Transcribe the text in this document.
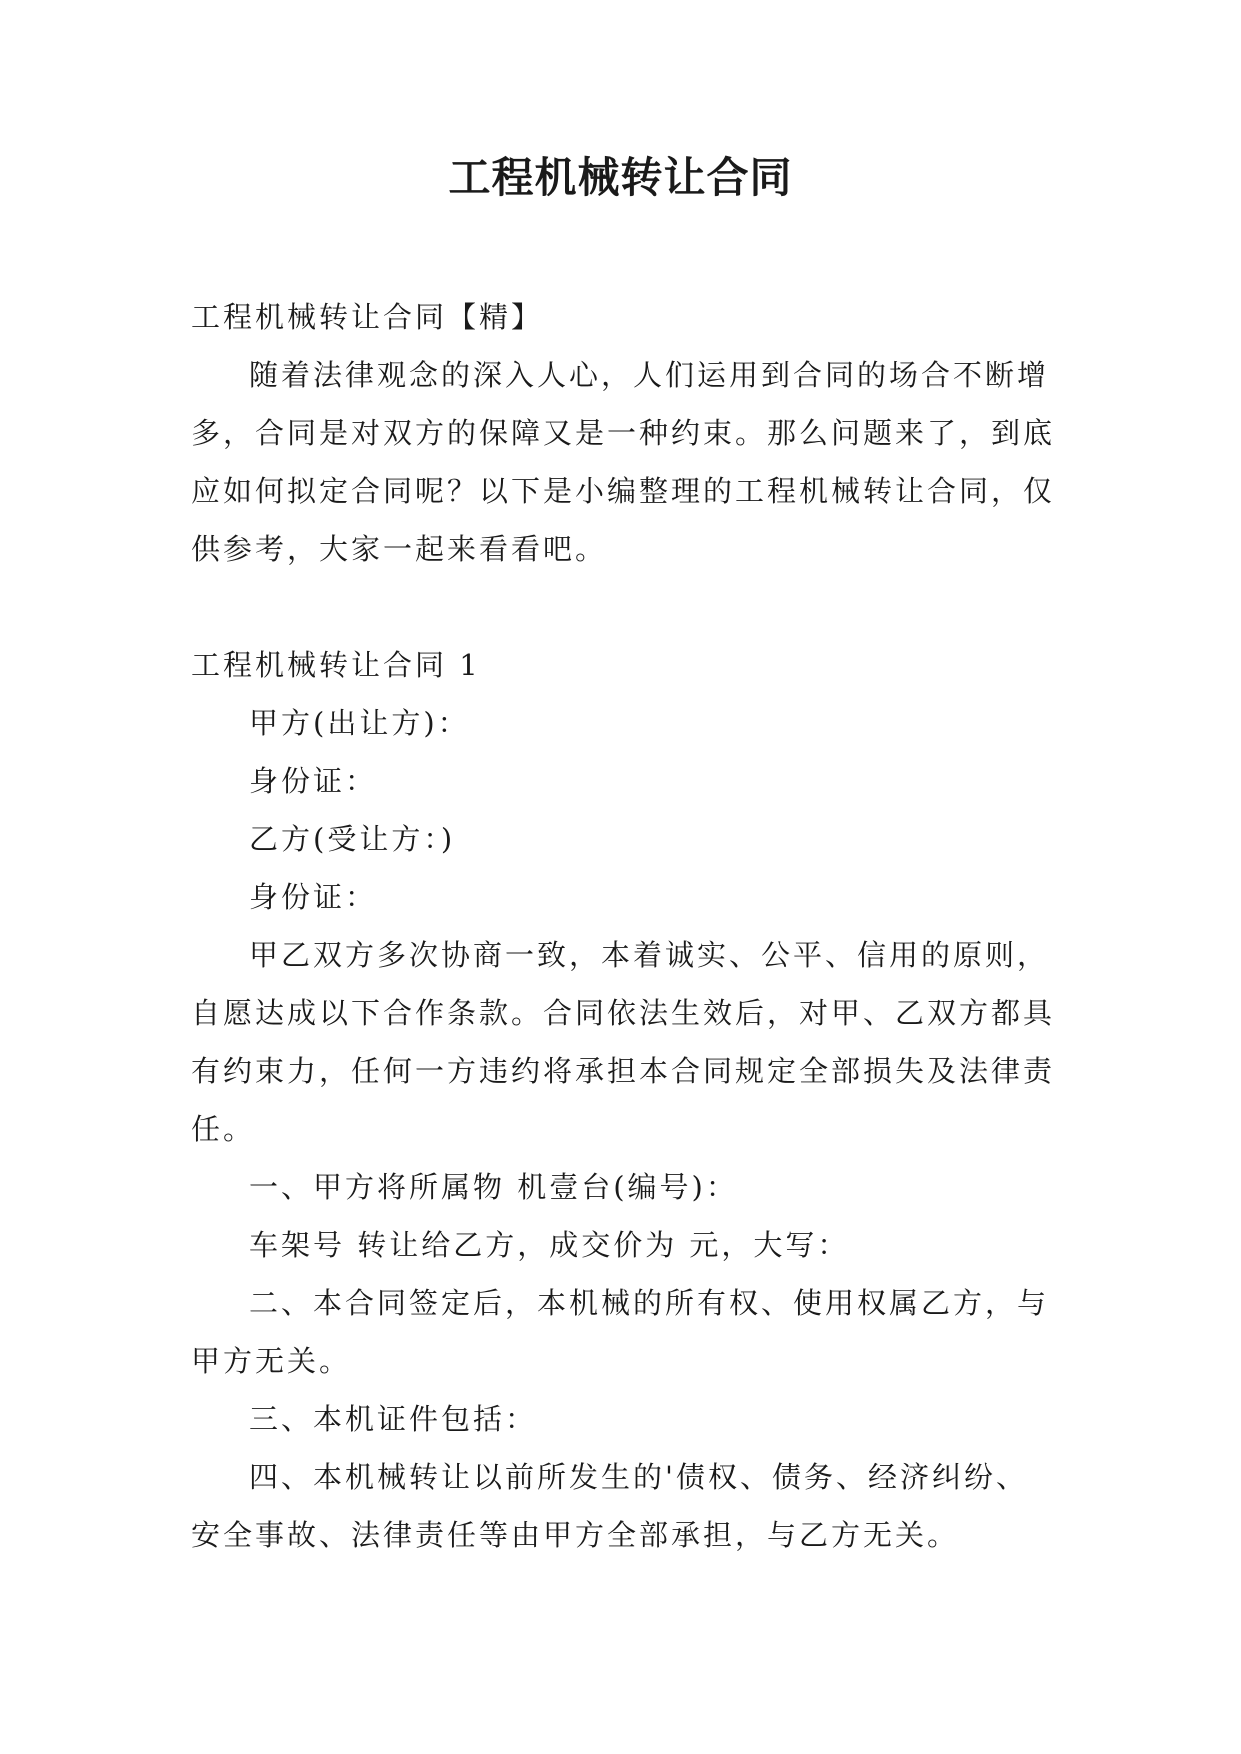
工程机械转让合同

工程机械转让合同【精】

随着法律观念的深入人心，人们运用到合同的场合不断增多，合同是对双方的保障又是一种约束。那么问题来了，到底应如何拟定合同呢？以下是小编整理的工程机械转让合同，仅供参考，大家一起来看看吧。

工程机械转让合同 1

甲方(出让方)：

身份证：

乙方(受让方：)

身份证：

甲乙双方多次协商一致，本着诚实、公平、信用的原则，自愿达成以下合作条款。合同依法生效后，对甲、乙双方都具有约束力，任何一方违约将承担本合同规定全部损失及法律责任。

一、甲方将所属物 机壹台(编号)：

车架号 转让给乙方，成交价为 元，大写：

二、本合同签定后，本机械的所有权、使用权属乙方，与甲方无关。

三、本机证件包括：

四、本机械转让以前所发生的'债权、债务、经济纠纷、安全事故、法律责任等由甲方全部承担，与乙方无关。
